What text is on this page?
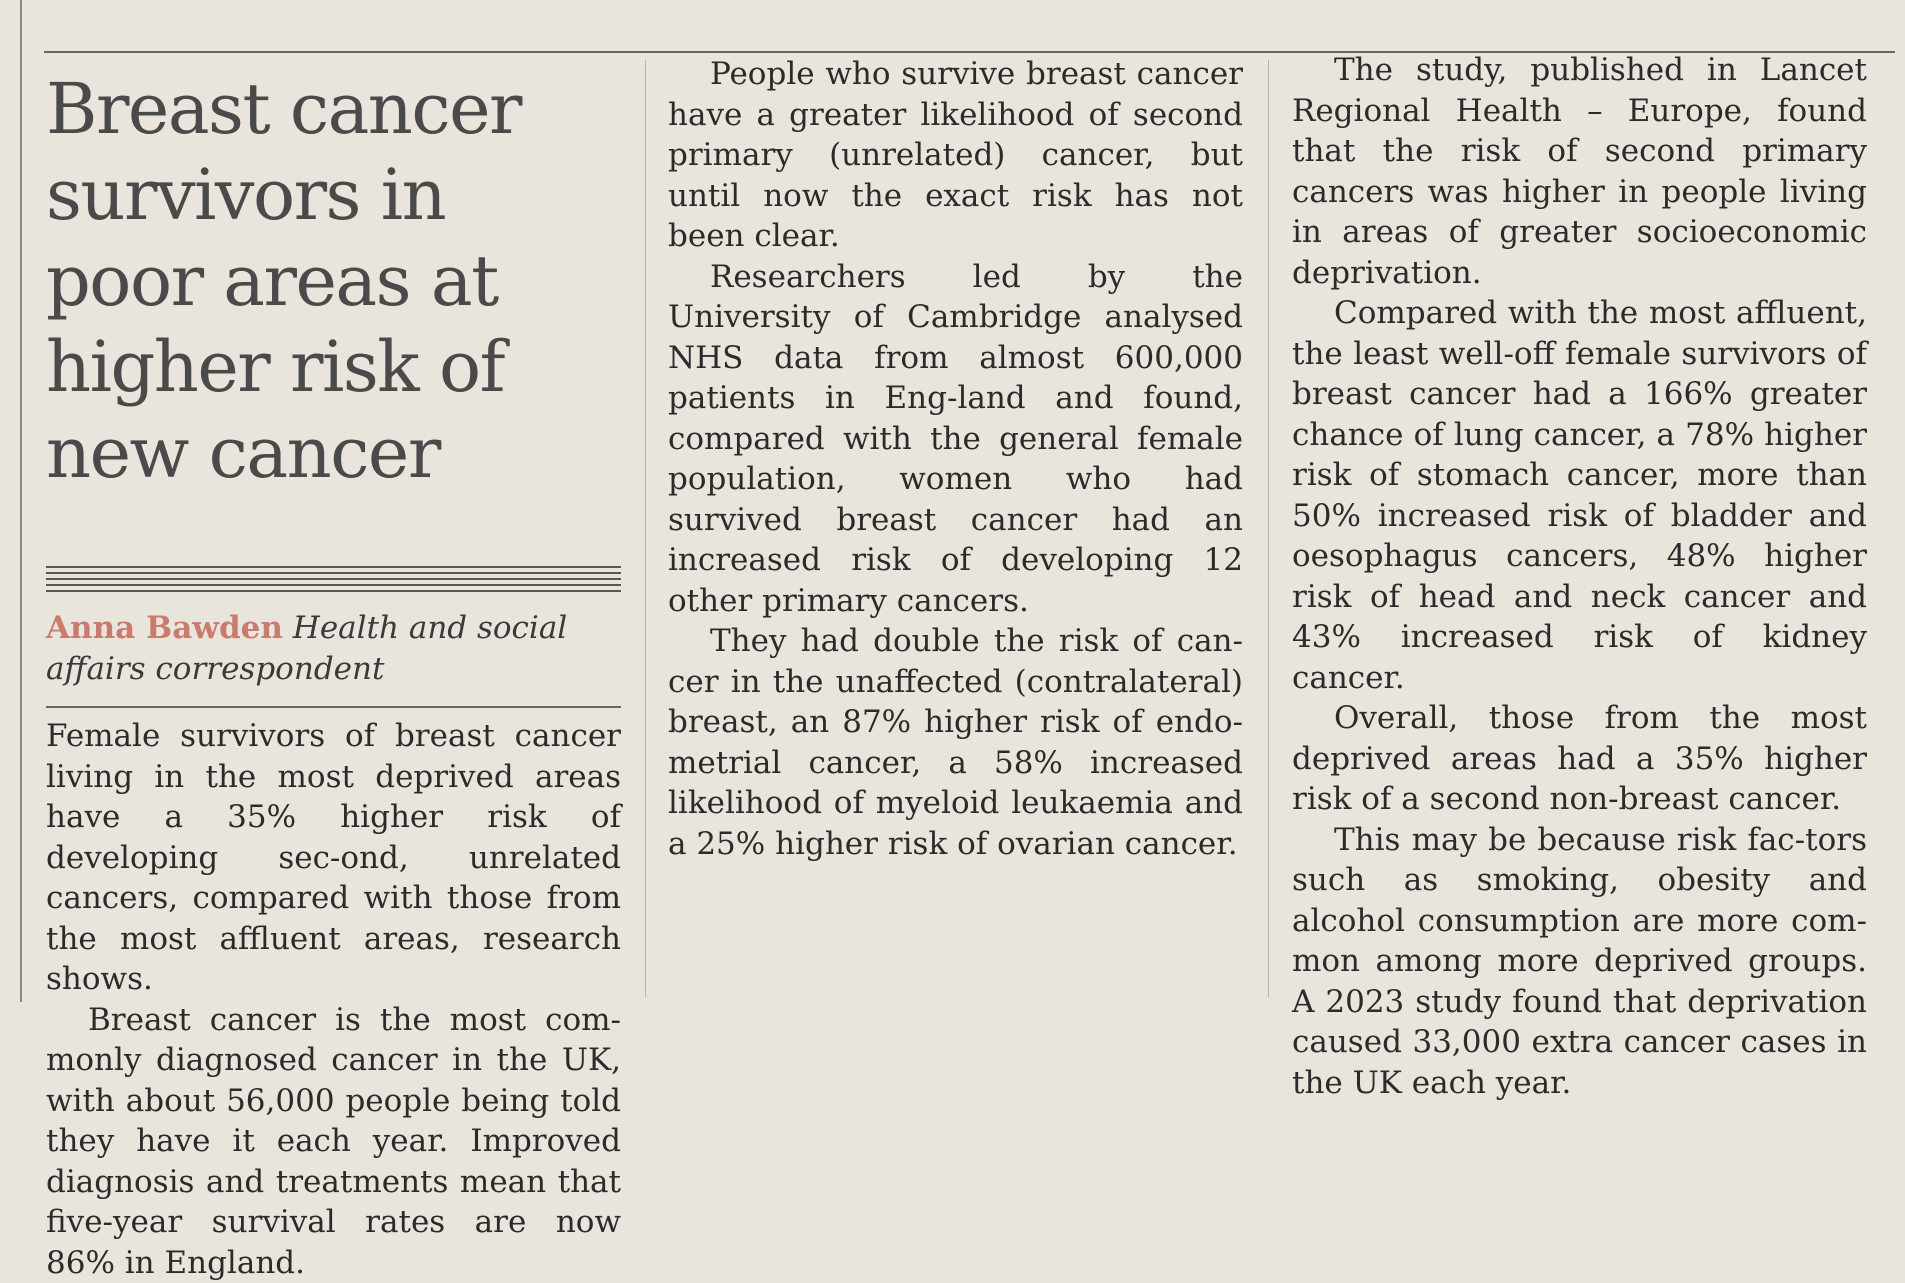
Breast cancer survivors in poor areas at higher risk of new cancer
Anna Bawden Health and social affairs correspondent

Female survivors of breast cancer living in the most deprived areas have a 35% higher risk of developing sec-ond, unrelated cancers, compared with those from the most affluent areas, research shows.

Breast cancer is the most com-monly diagnosed cancer in the UK, with about 56,000 people being told they have it each year. Improved diagnosis and treatments mean that five-year survival rates are now 86% in England.

People who survive breast cancer have a greater likelihood of second primary (unrelated) cancer, but until now the exact risk has not been clear.

Researchers led by the University of Cambridge analysed NHS data from almost 600,000 patients in Eng-land and found, compared with the general female population, women who had survived breast cancer had an increased risk of developing 12 other primary cancers.

They had double the risk of can-cer in the unaffected (contralateral) breast, an 87% higher risk of endo-metrial cancer, a 58% increased likelihood of myeloid leukaemia and a 25% higher risk of ovarian cancer.

The study, published in Lancet Regional Health – Europe, found that the risk of second primary cancers was higher in people living in areas of greater socioeconomic deprivation.

Compared with the most affluent, the least well-off female survivors of breast cancer had a 166% greater chance of lung cancer, a 78% higher risk of stomach cancer, more than 50% increased risk of bladder and oesophagus cancers, 48% higher risk of head and neck cancer and 43% increased risk of kidney cancer.

Overall, those from the most deprived areas had a 35% higher risk of a second non-breast cancer.

This may be because risk fac-tors such as smoking, obesity and alcohol consumption are more com-mon among more deprived groups. A 2023 study found that deprivation caused 33,000 extra cancer cases in the UK each year.
